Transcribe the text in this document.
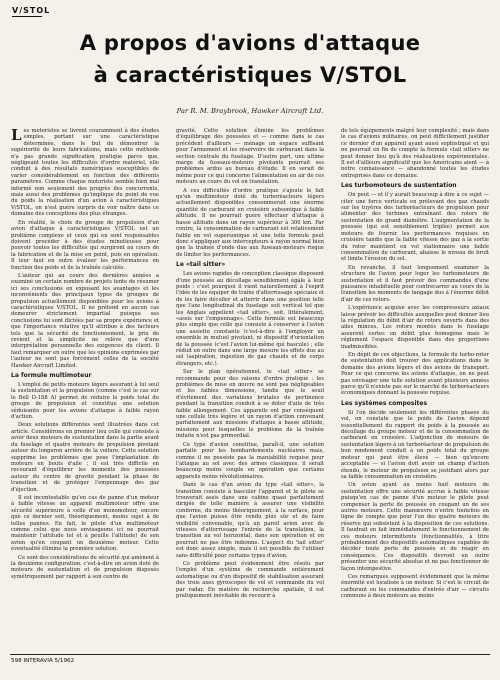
V/STOL
A propos d'avions d'attaque
à caractéristiques V/STOL
Par R. M. Braybrook, Hawker Aircraft Ltd.

Les motoristes se livrent couramment à des études simples, portant sur une caractéristique déterminée, dans le but de démontrer la supériorité de leurs fabrications, mais cette méthode n'a pas grande signification pratique parce que, négligeant toutes les difficultés d'ordre matériel, elle conduit à des résultats numériques susceptibles de varier considérablement en fonction des différents paramètres. Comme chaque motoriste semble bien mal informé non seulement des progrès des concurrents, mais aussi des problèmes qu'implique du point de vue du poids la réalisation d'un avion à caractéristiques V/STOL, on n'est guère surpris de voir naître dans ce domaine des conceptions des plus étranges.

En réalité, le choix du groupe de propulsion d'un avion d'attaque à caractéristiques V/STOL est un problème complexe et ceux qui en sont responsables doivent procéder à des études minutieuses pour pouvoir toutes les difficultés qui surgiront au cours de la fabrication et de la mise en point, puis en opération. Il leur faut en outre évaluer les performances en fonction des poids et de la traînée calculés.

L'auteur qui au cours des dernières années a examiné un certain nombre de projets tente de résumer ici ses conclusions en exposant les avantages et les inconvénients des principaux types de groupes de propulsion actuellement disponibles pour les avions à caractéristiques V/STOL. Il ne prétend en aucun cas demeurer strictement impartial puisque ses conclusions lui sont dictées par sa propre expérience et que l'importance relative qu'il attribue à des facteurs tels que la sécurité de fonctionnement, le prix de revient et la simplicité ne relève que d'une interprétation personnelle des exigences du client. Il faut remarquer en outre que les opinions exprimées par l'auteur ne sont pas forcément celles de la société Hawker Aircraft Limited.

La formule multimoteur

L'emploi de petits moteurs légers assurant à lui seul la sustentation et la propulsion (comme c'est le cas sur le Bell D-188 A) permet de réduire le poids total du groupe de propulsion et constitue une solution séduisante pour les avions d'attaque à faible rayon d'action.

Deux solutions différentes sont illustrées dans cet article. Considérons en premier lieu celle qui consiste à avoir deux moteurs de sustentation dans la partie avant du fuselage et quatre moteurs de propulsion pivotant autour du longeron arrière de la voilure. Cette solution supprime les problèmes que pose l'implantation de moteurs en bouts d'aile ; il est très difficile en recourant d'équilibrer les moments des poussées autour du centre de gravité pendant la phase de transition et de protéger l'empennage des gaz d'éjection.

Il est incontestable qu'en cas de panne d'un moteur à faible vitesse un appareil multimoteur offre une sécurité supérieure à celle d'un monomoteur, encore que ce dernier soit, théoriquement, moins sujet à de telles pannes. En fait, le pilote d'un multimoteur comme celui que nous envisageons ici ne pourrait maintenir l'attitude tel et à peuille l'altitude) de son avion qu'en coupant un deuxième moteur. Cette éventualité élimine la première solution.

Ce sont des considérations de sécurité qui amènent à la deuxième configuration, c'est-à-dire un avion doté de moteurs de sustentation et de propulsion disposés symétriquement par rapport à son centre de

gravité. Cette solution élimine les problèmes d'équilibrage des poussées et — comme dans le cas précédent d'ailleurs — ménage un espace suffisant pour l'armement et les réservoirs de carburant dans la section centrale du fuselage. D'autre part, une ultime marge de fuseaux-moteurs pivotants pourrait ses problèmes ardus au bureau d'étude. Il en serait de même pour ce qui concerne l'alimentation en air de ces moteurs au cours du vol en translation.

A ces difficultés d'ordre pratique s'ajoute le fait qu'un multimoteur doté de turboréacteurs légers actuellement disponibles consommerait une énorme quantité de carburant en croisière subsonique à faible altitude. Il ne pourrait guère effectuer d'attaque à basse altitude dans un rayon supérieur à 300 km. Par contre, la consommation de carburant est relativement faible en vol supersonique et une telle formule peut donc s'appliquer aux intercepteurs à rayon normal bien que la traînée d'onde due aux fuseaux-moteurs risque de limiter les performances.

Le «tail sitter»

Les avions rapides de conception classique disposent d'une poussée au décollage sensiblement égale à leur poids : c'est pourquoi il vient naturellement à l'esprit l'idée de les équiper de trains d'atterrissage spéciaux et de les faire décoller et atterrir dans une position telle que l'axe longitudinal du fuselage soit vertical tel que les Anglais appellent «tail sitter», soit, littéralement, «assis sur l'empennage». Cette formule est beaucoup plus simple que celle qui consiste à conserver à l'avion une assiette constante (c'est-à-dire à l'employer un ensemble in mutuel pivotant, ni dispositif d'orientation de la poussée (c'est l'avion lui-même qui bascule) ; elle réduit en outre dans une large mesure les effets dus au sol (aspiration, ingestion de gaz chauds et de corps étrangers, etc.).

Sur le plan opérationnel, le «tail sitter» se recommande pour des raisons d'ordre pratique : les problèmes de mise en œuvre ne sont pas négligeables et les faibles dimensions, tandis que le seuil d'évitement des variations brutales de pertinence pendant la transition conduit à se doter d'aile de très faible allongement. Ces appareils ont par conséquent une cellule très légère et un rayon d'action convenant parfaitement aux missions d'attaque à basse altitude, missions pour lesquelles le problème de la traînée induite n'est pas primordial.

Ce type d'avion constitue, paraît-il, une solution parfaite pour les bombardements nucléaires mais, comme il ne possède pas la maniabilité requise pour l'attaque au sol avec des armes classiques, il serait beaucoup moins souple en opération que certains appareils moins révolutionnaires.

Dans le cas d'un avion du type «tail sitter», la transition consiste à basculer l'appareil et le pilote se trouverait assis dans une cabine quasi parfaitement dirigée de telle manière à assurer une visibilité conforme, du moins théoriquement, à la surface, pour que l'avion puisse être rendu plus sûr et de faire visibilité convenable, qu'à un pareil avion avec de vitesses d'atterrissage l'entrée de la translation, la transition au vol horizontal, dans son opération et on pourrait ne pas être indemne. L'aspect du 'tail sitter' est donc assez simple, mais il est possible de l'utiliser sans difficulté pour certains types d'avion.

Ce problème peut évidemment être résolu par l'emploi d'un système de commande entièrement automatique ou d'un dispositif de stabilisation assurant des trois axes gyroscopes de vol et commande du vol par radar. En matière de recherche spatiale, il est pratiquement inévitable de recourir à

de tels équipements malgré leur complexité ; mais dans le cas d'avions militaires, on peut difficilement justifier ce dernier d'un appareil ayant aussi sophistiqué et qui ne pourrait en fin de compte la formule «tail sitter» ne peut donner lieu qu'à des réalisations expérimentales. Il est d'ailleurs significatif que les Américains aient — à notre connaissance — abandonné toutes les études entreprises dans ce domaine.

Les turbomoteurs de sustentation

On peut — et il y aurait beaucoup à dire à ce sujet — citer une force verticale en prélevant des gaz chauds sur les tuyères des turboréacteurs de propulsion pour alimenter des turbines entraînant des rotors de sustentation de grand diamètre. L'augmentation de la poussée (qui est sensiblement triplée) permet aux moteurs de fournir les performances requises en croisière tandis que la faible vitesse des gaz à la sortie du rotor maintient en vol stationnaire une faible consommation de carburant, abaisse le niveau de bruit et limite l'érosion du sol.

En revanche, il faut longuement examiner la structure de l'avion pour loger les turbomoteurs de sustentation et il faut prévoir des commandes d'une puissance inhabituelle pour contrecarrer au cours de la transition les moments de tangage dus à l'énorme débit d'air de ces rotors.

L'expérience acquise avec les compresseurs axiaux laisse prévoir les difficultés auxquelles peut donner lieu la régulation du débit d'air de rotors ouverts dans des ailes minces. Les rotors montés dans le fuselage assurent certes un débit plus homogène mais le réglement l'espace disponible dans des proportions inadmissibles.

En dépit de ces objections, la formule du turbo-rotor de sustentation doit trouver des applications dans le domaine des avions légers et des avions de transport. Pour ce qui concerne les avions d'attaque, on ne peut pas envisager une telle solution avant plusieurs années parce qu'il n'existe pas sur le marché de turboréacteurs économiques donnant la poussée requise.

Les systèmes composites

Si l'on décide seulement les différentes phases du vol, on constate que le poids de l'avion dépend essentiellement du rapport du poids à la poussée au décollage du groupe moteur et de la consommation de carburant en croisière. L'adjonction de moteurs de sustentation légers à un turboréacteur de propulsion de bon rendement conduit à un poids total du groupe moteur qui peut être élevé — bien qu'encore acceptable — si l'avion doit avoir un champ d'action étendu, le moteur de propulsion se justifiant alors par sa faible consommation en croisière.

Un avion ayant au moins huit moteurs de sustentation offre une sécurité accrue à faible vitesse puisqu'en cas de panne d'un moteur le pilote peut compenser la perte de poussée en coupant un de ses autres moteurs. Cette manœuvre n'entre toutefois en ligne de compte que pour l'un des quatre moteurs de réserve qui subsistent à la disposition de ces solutions. Il faudrait en fait immédiatement le fonctionnement de ces moteurs intermittents (fonctionnalités, à titre probablement des dispositifs automatiques capables de décider toute perte de poussée et de réagir en conséquence. Ces dispositifs devront en outre présenter une sécurité absolue et ne pas fonctionner de façon intempestive.

Ces remarques supposent évidemment que la même énormité est localisée à un moteur. Si c'est le circuit de carburant ou les commandes d'entrée d'air — circuits communs à deux moteurs au moins

598 INTERAVIA 5/1962
